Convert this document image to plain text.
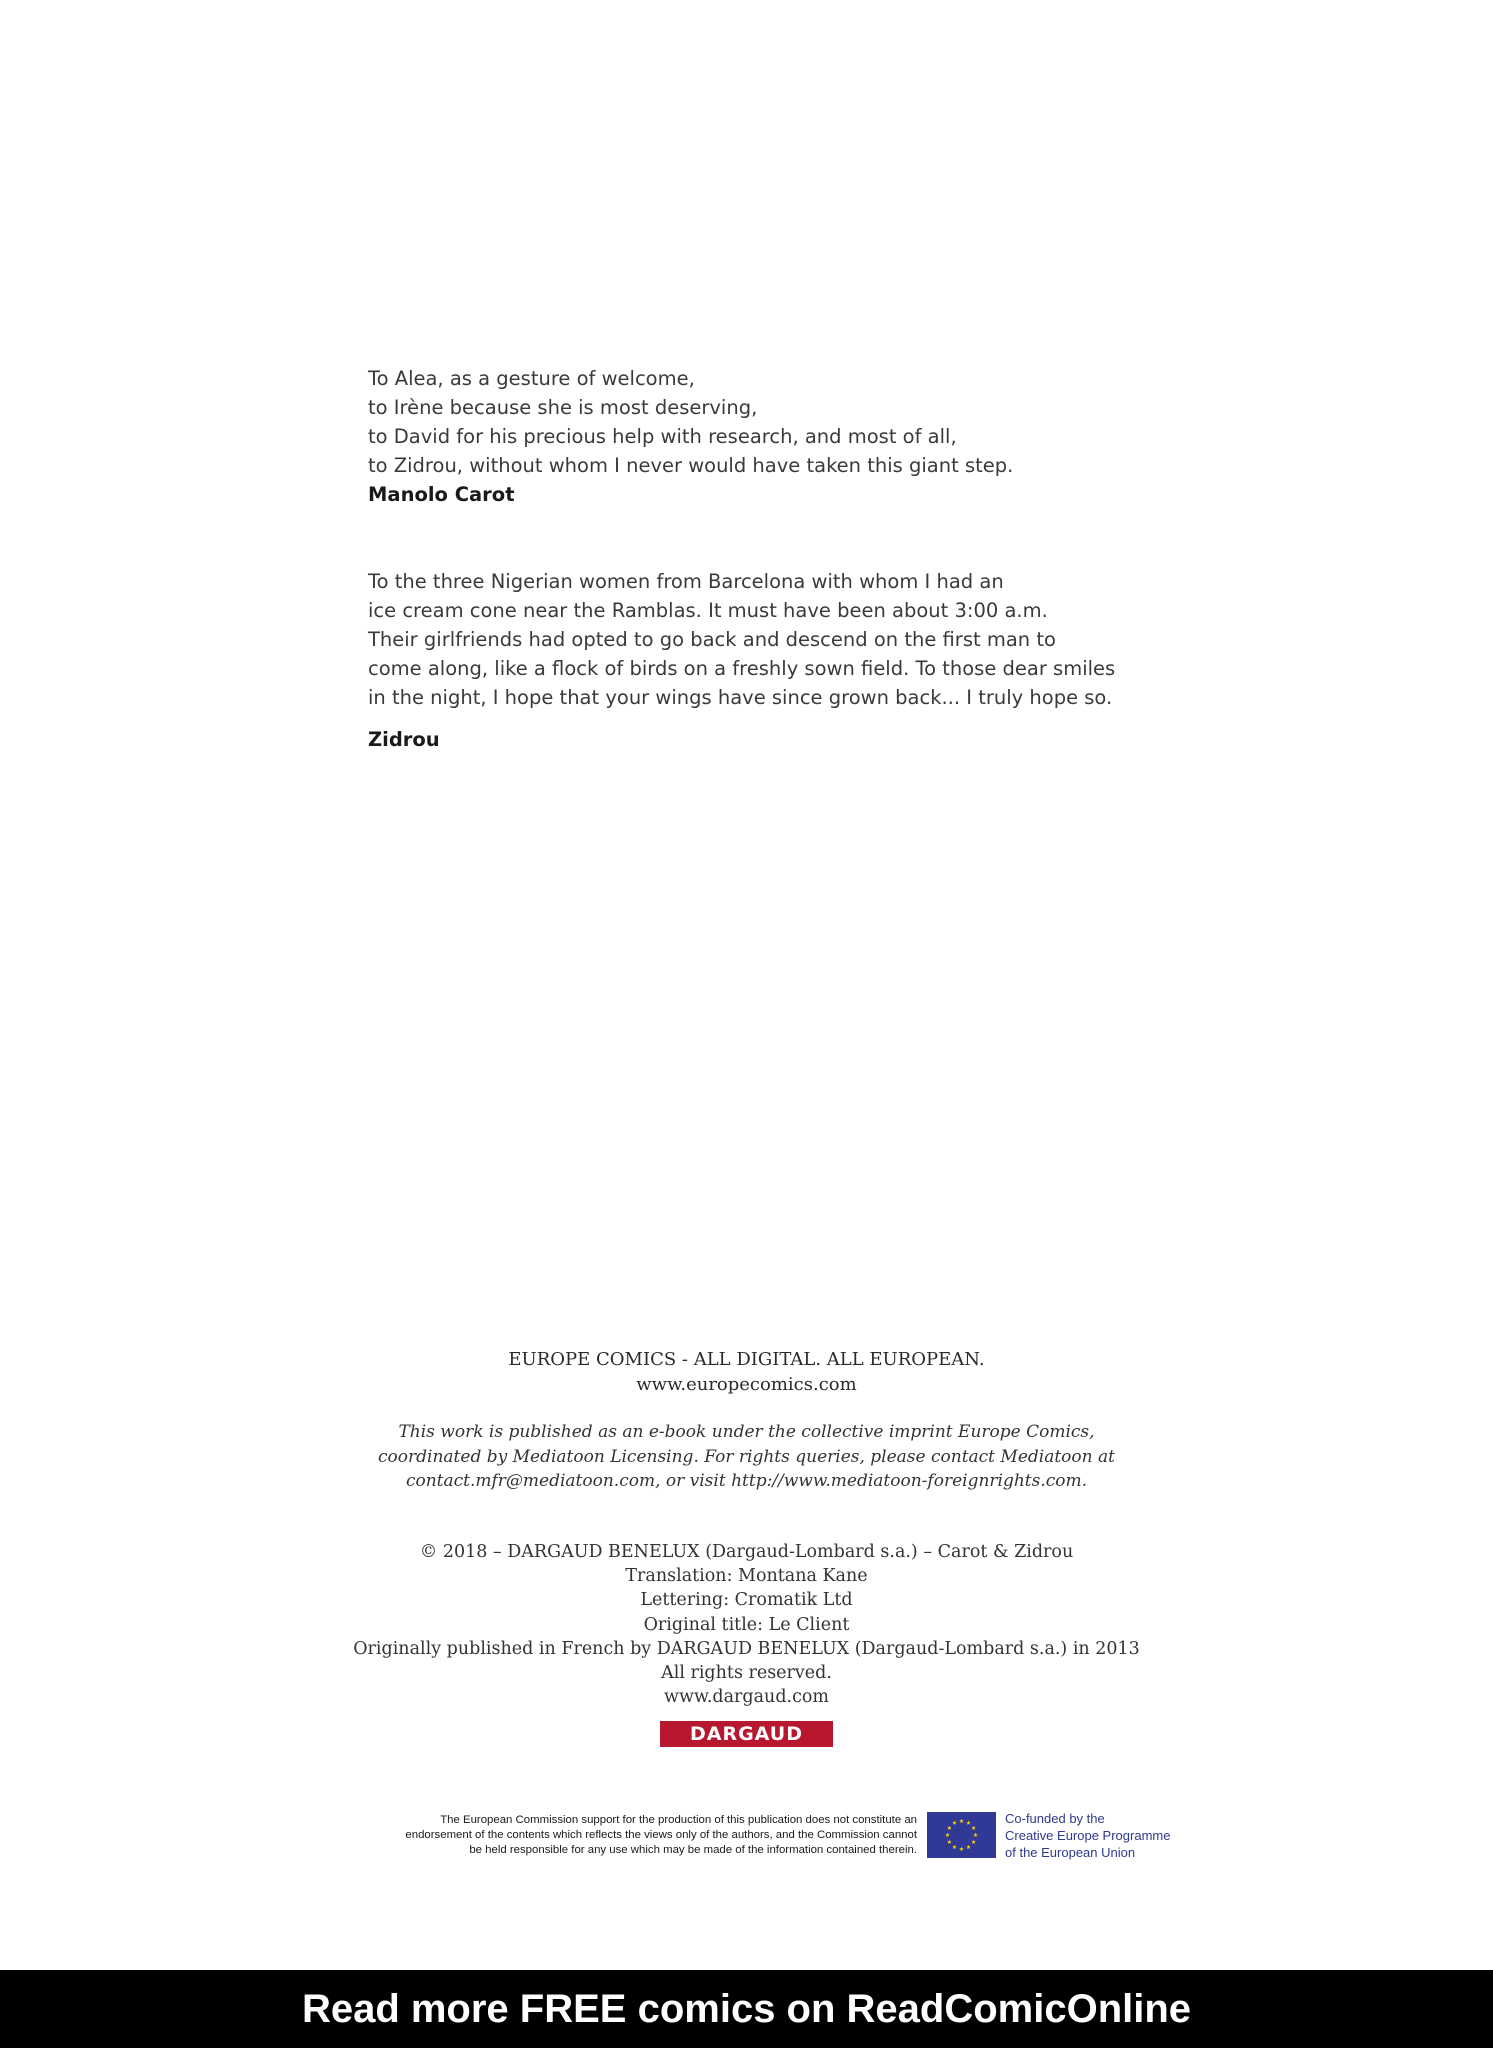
To Alea, as a gesture of welcome,
to Irène because she is most deserving,
to David for his precious help with research, and most of all,
to Zidrou, without whom I never would have taken this giant step.
Manolo Carot
To the three Nigerian women from Barcelona with whom I had an
ice cream cone near the Ramblas. It must have been about 3:00 a.m.
Their girlfriends had opted to go back and descend on the first man to
come along, like a flock of birds on a freshly sown field. To those dear smiles
in the night, I hope that your wings have since grown back... I truly hope so.
Zidrou
EUROPE COMICS - ALL DIGITAL. ALL EUROPEAN.
www.europecomics.com
This work is published as an e-book under the collective imprint Europe Comics,
coordinated by Mediatoon Licensing. For rights queries, please contact Mediatoon at
contact.mfr@mediatoon.com, or visit http://www.mediatoon-foreignrights.com.
© 2018 – DARGAUD BENELUX (Dargaud-Lombard s.a.) – Carot & Zidrou
Translation: Montana Kane
Lettering: Cromatik Ltd
Original title: Le Client
Originally published in French by DARGAUD BENELUX (Dargaud-Lombard s.a.) in 2013
All rights reserved.
www.dargaud.com
DARGAUD
The European Commission support for the production of this publication does not constitute an
endorsement of the contents which reflects the views only of the authors, and the Commission cannot
be held responsible for any use which may be made of the information contained therein.
Co-funded by the
Creative Europe Programme
of the European Union
Read more FREE comics on ReadComicOnline
